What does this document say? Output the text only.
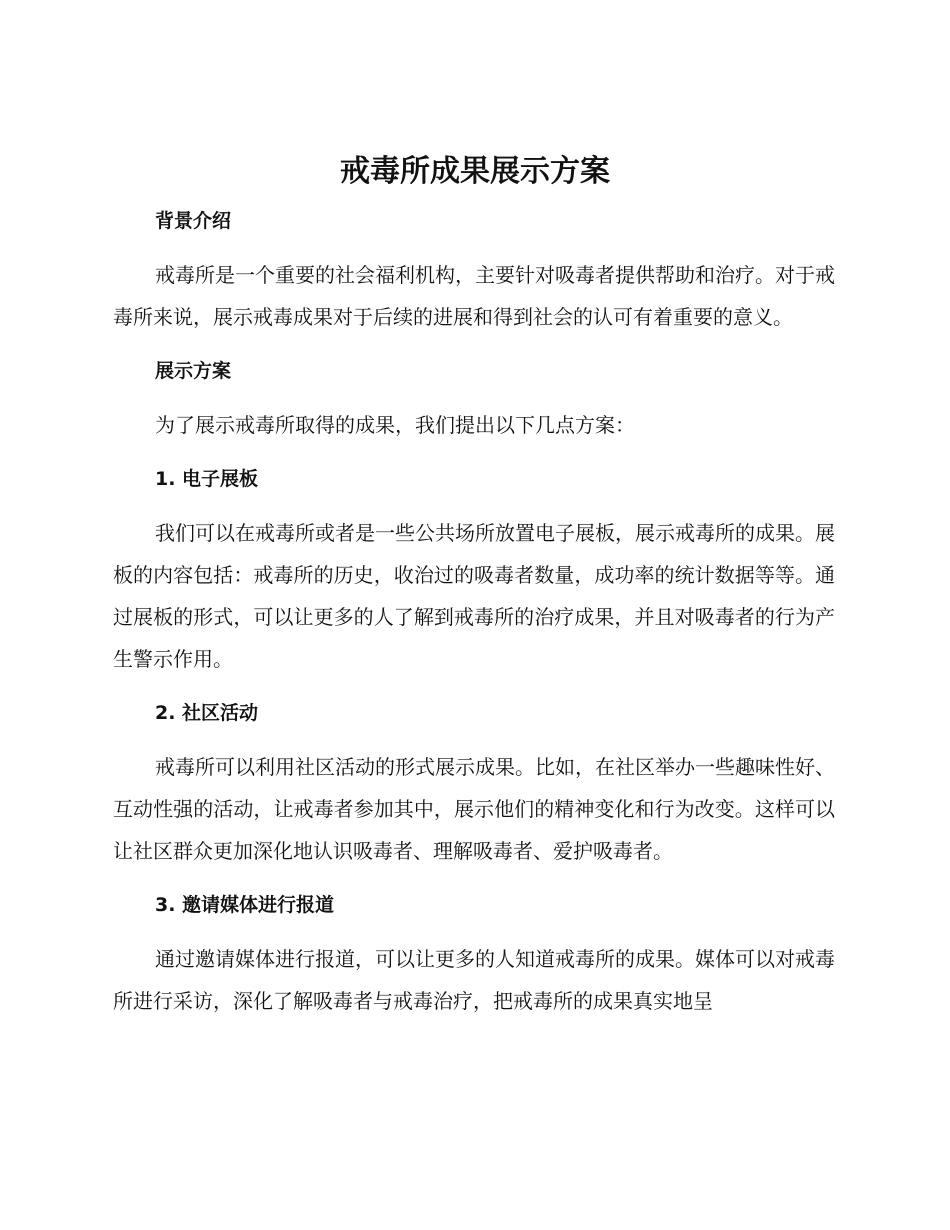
戒毒所成果展示方案
背景介绍

戒毒所是一个重要的社会福利机构，主要针对吸毒者提供帮助和治疗。对于戒毒所来说，展示戒毒成果对于后续的进展和得到社会的认可有着重要的意义。

展示方案

为了展示戒毒所取得的成果，我们提出以下几点方案：

1. 电子展板

我们可以在戒毒所或者是一些公共场所放置电子展板，展示戒毒所的成果。展板的内容包括：戒毒所的历史，收治过的吸毒者数量，成功率的统计数据等等。通过展板的形式，可以让更多的人了解到戒毒所的治疗成果，并且对吸毒者的行为产生警示作用。

2. 社区活动

戒毒所可以利用社区活动的形式展示成果。比如，在社区举办一些趣味性好、互动性强的活动，让戒毒者参加其中，展示他们的精神变化和行为改变。这样可以让社区群众更加深化地认识吸毒者、理解吸毒者、爱护吸毒者。

3. 邀请媒体进行报道

通过邀请媒体进行报道，可以让更多的人知道戒毒所的成果。媒体可以对戒毒所进行采访，深化了解吸毒者与戒毒治疗，把戒毒所的成果真实地呈
